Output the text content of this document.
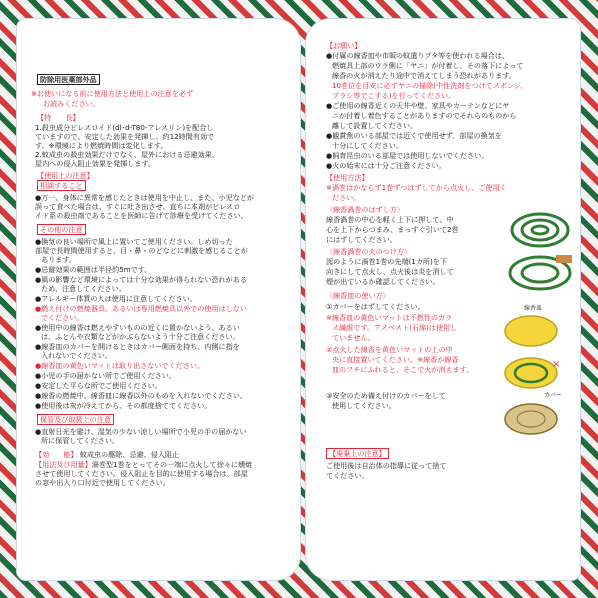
防除用医薬部外品
※お使いになる前に使用方法と使用上の注意を必ず
お読みください。
【特　　長】
1.殺虫成分ピレスロイド(dl･d-T80-アレスリン)を配合し
ていますので、安定した効果を発揮し、約12時間有効で
す。※環境により燃焼時間は変化します。
2.蚊成虫の殺虫効果だけでなく、屋外における忌避効果、
屋内への侵入阻止効果を発揮します。
【使用上の注意】
相談すること
●万一、身体に異常を感じたときは使用を中止し、また、小児などが
誤って食べた場合は、すぐに吐き出させ、直ちに本剤がピレスロ
イド系の殺虫剤であることを医師に告げて診療を受けてください。
その他の注意
●換気の良い場所で風上に置いてご使用ください。しめ切った
部屋で長時間使用すると、目・鼻・のどなどに刺激を感じることが
あります。
●忌避効果の範囲は半径約5mです。
●風の影響など環境によっては十分な効果が得られない恐れがある
ため、注意してください。
●アレルギー体質の人は使用に注意してください。
●燃え付けの燃焼器具、あるいは専用燃焼具以外での使用はしない
でください。
●使用中の線香は燃えやすいものの近くに置かないよう、あるい
は、ふとんや衣類などがかぶらないよう十分ご注意ください。
●線香皿のカバーを開けるときはカバー側面を持ち、内側に指を
入れないでください。
●線香皿の黄色いマットは取り出さないでください。
●小児の手の届かない所でご使用ください。
●安定した平らな所でご使用ください。
●線香の燃焼中、線香皿に線香以外のものを入れないでください。
●使用後は灰が冷えてから、その都度捨ててください。
保管及び取扱上の注意
●直射日光を避け、湿気の少ない涼しい場所で小児の手の届かない
所に保管してください。
【効　　能】 蚊成虫の駆除、忌避、侵入阻止
【用法及び用量】渦巻型1巻をとってその一端に点火して徐々に燻焼
させて使用してください。侵入阻止を目的に使用する場合は、部屋
の窓や出入り口付近で使用してください。
【お願い】
●付属の線香皿や市販の蚊遣りブタ等を使われる場合は、
燃焼具上部のウラ側に「ヤニ」が付着し、その落下によって
線香の火が消えたり途中で消えてしまう恐れがあります。
10巻位を目安に必ずヤニの掃除(中性洗剤をつけてスポンジ、
ブラシ等でこする)を行ってください。
●ご使用の線香近くの天井や壁、家具やカーテンなどにヤ
ニが付着し着色することがありますのでそれらのものから
離して設置してください。
●観賞魚のいる部屋では近くで使用せず、部屋の換気を
十分にしてください。
●飼育昆虫のいる部屋では使用しないでください。
●火の始末には十分ご注意ください。
【使用方法】
※渦巻はかならず1巻ずつはずしてから点火し、ご使用く
ださい。
〈線香渦巻のはずし方〉
線香渦巻の中心を軽く上下に押して、中
心を上下からつまみ、まっすぐ引いて2巻
にはずしてください。
〈線香渦巻の火のつけ方〉
図のように渦巻1巻の先端(1カ所)を下
向きにして点火し、点火後は炎を消して
煙が出ているか確認してください。
〈線香皿の使い方〉
①カバーをはずしてください。
※線香皿の黄色いマットは不燃性のガラ
ス繊維です。アスベスト(石綿)は使用し
ていません。
②点火した線香を黄色いマットの上の中
央に直接置いてください。※線香が線香
皿のフチにふれると、そこで火が消えます。
③安全のため備え付けのカバーをして
使用してください。
【廃棄上の注意】
ご使用後は自治体の指導に従って捨て
てください。
線香皿
×
カバー
